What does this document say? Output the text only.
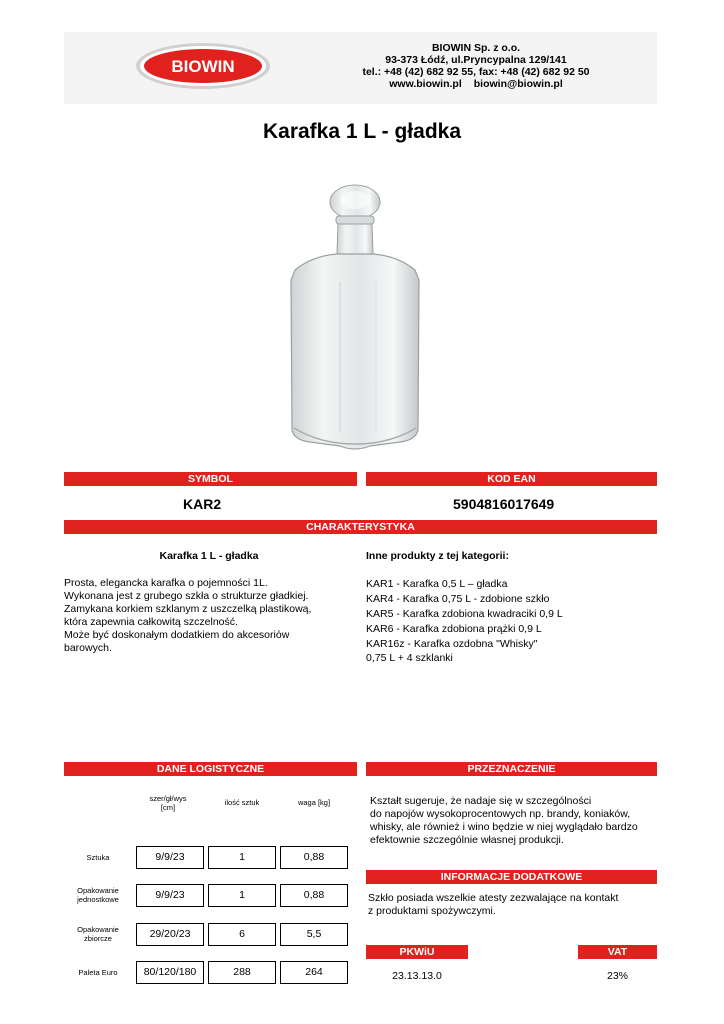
BIOWIN
BIOWIN Sp. z o.o.
93-373 Łódź, ul.Pryncypalna 129/141
tel.: +48 (42) 682 92 55, fax: +48 (42) 682 92 50
www.biowin.pl biowin@biowin.pl
Karafka 1 L - gładka
SYMBOL	KOD EAN
KAR2	5904816017649
CHARAKTERYSTYKA
Karafka 1 L - gładka
Prosta, elegancka karafka o pojemności 1L.
Wykonana jest z grubego szkła o strukturze gładkiej.
Zamykana korkiem szklanym z uszczelką plastikową,
która zapewnia całkowitą szczelność.
Może być doskonałym dodatkiem do akcesoriów
barowych.
Inne produkty z tej kategorii:
KAR1 - Karafka 0,5 L – gładka
KAR4 - Karafka 0,75 L - zdobione szkło
KAR5 - Karafka zdobiona kwadraciki 0,9 L
KAR6 - Karafka zdobiona prążki 0,9 L
KAR16z - Karafka ozdobna "Whisky"
0,75 L + 4 szklanki
DANE LOGISTYCZNE
szer/gł/wys
[cm]
ilość sztuk	waga [kg]
Sztuka	9/9/23	1	0,88
Opakowanie
jednostkowe	9/9/23	1	0,88
Opakowanie
zbiorcze	29/20/23	6	5,5
Paleta Euro	80/120/180	288	264
PRZEZNACZENIE
Kształt sugeruje, że nadaje się w szczególności
do napojów wysokoprocentowych np. brandy, koniaków,
whisky, ale również i wino będzie w niej wyglądało bardzo
efektownie szczególnie własnej produkcji.
INFORMACJE DODATKOWE
Szkło posiada wszelkie atesty zezwalające na kontakt
z produktami spożywczymi.
PKWiU	VAT
23.13.13.0	23%
